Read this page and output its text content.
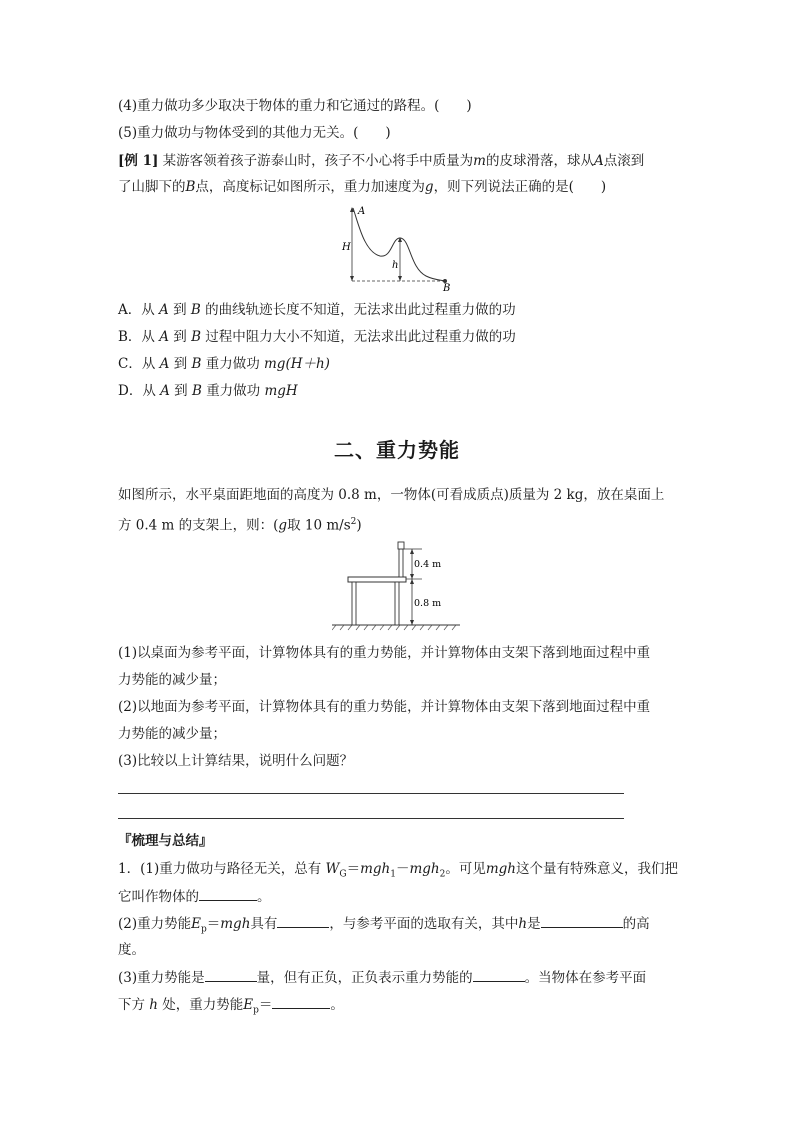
(4)重力做功多少取决于物体的重力和它通过的路程。(　　)
(5)重力做功与物体受到的其他力无关。(　　)
[例 1] 某游客领着孩子游泰山时，孩子不小心将手中质量为m的皮球滑落，球从A点滚到
了山脚下的B点，高度标记如图所示，重力加速度为g，则下列说法正确的是(　　)
A
H
h
B
A．从 A 到 B 的曲线轨迹长度不知道，无法求出此过程重力做的功
B．从 A 到 B 过程中阻力大小不知道，无法求出此过程重力做的功
C．从 A 到 B 重力做功 mg(H＋h)
D．从 A 到 B 重力做功 mgH
二、重力势能
如图所示，水平桌面距地面的高度为 0.8 m，一物体(可看成质点)质量为 2 kg，放在桌面上
方 0.4 m 的支架上，则：(g取 10 $m/s^2$)
0.4 m
0.8 m
(1)以桌面为参考平面，计算物体具有的重力势能，并计算物体由支架下落到地面过程中重
力势能的减少量；
(2)以地面为参考平面，计算物体具有的重力势能，并计算物体由支架下落到地面过程中重
力势能的减少量；
(3)比较以上计算结果，说明什么问题？
『梳理与总结』
1．(1)重力做功与路径无关，总有 $W_G=mgh_1-mgh_2$。可见mgh这个量有特殊意义，我们把
它叫作物体的	。
(2)重力势能$E_p=mgh$具有	，与参考平面的选取有关，其中h是	的高
度。
(3)重力势能是	量，但有正负，正负表示重力势能的	。当物体在参考平面
下方 h 处，重力势能$E_p=$	。
